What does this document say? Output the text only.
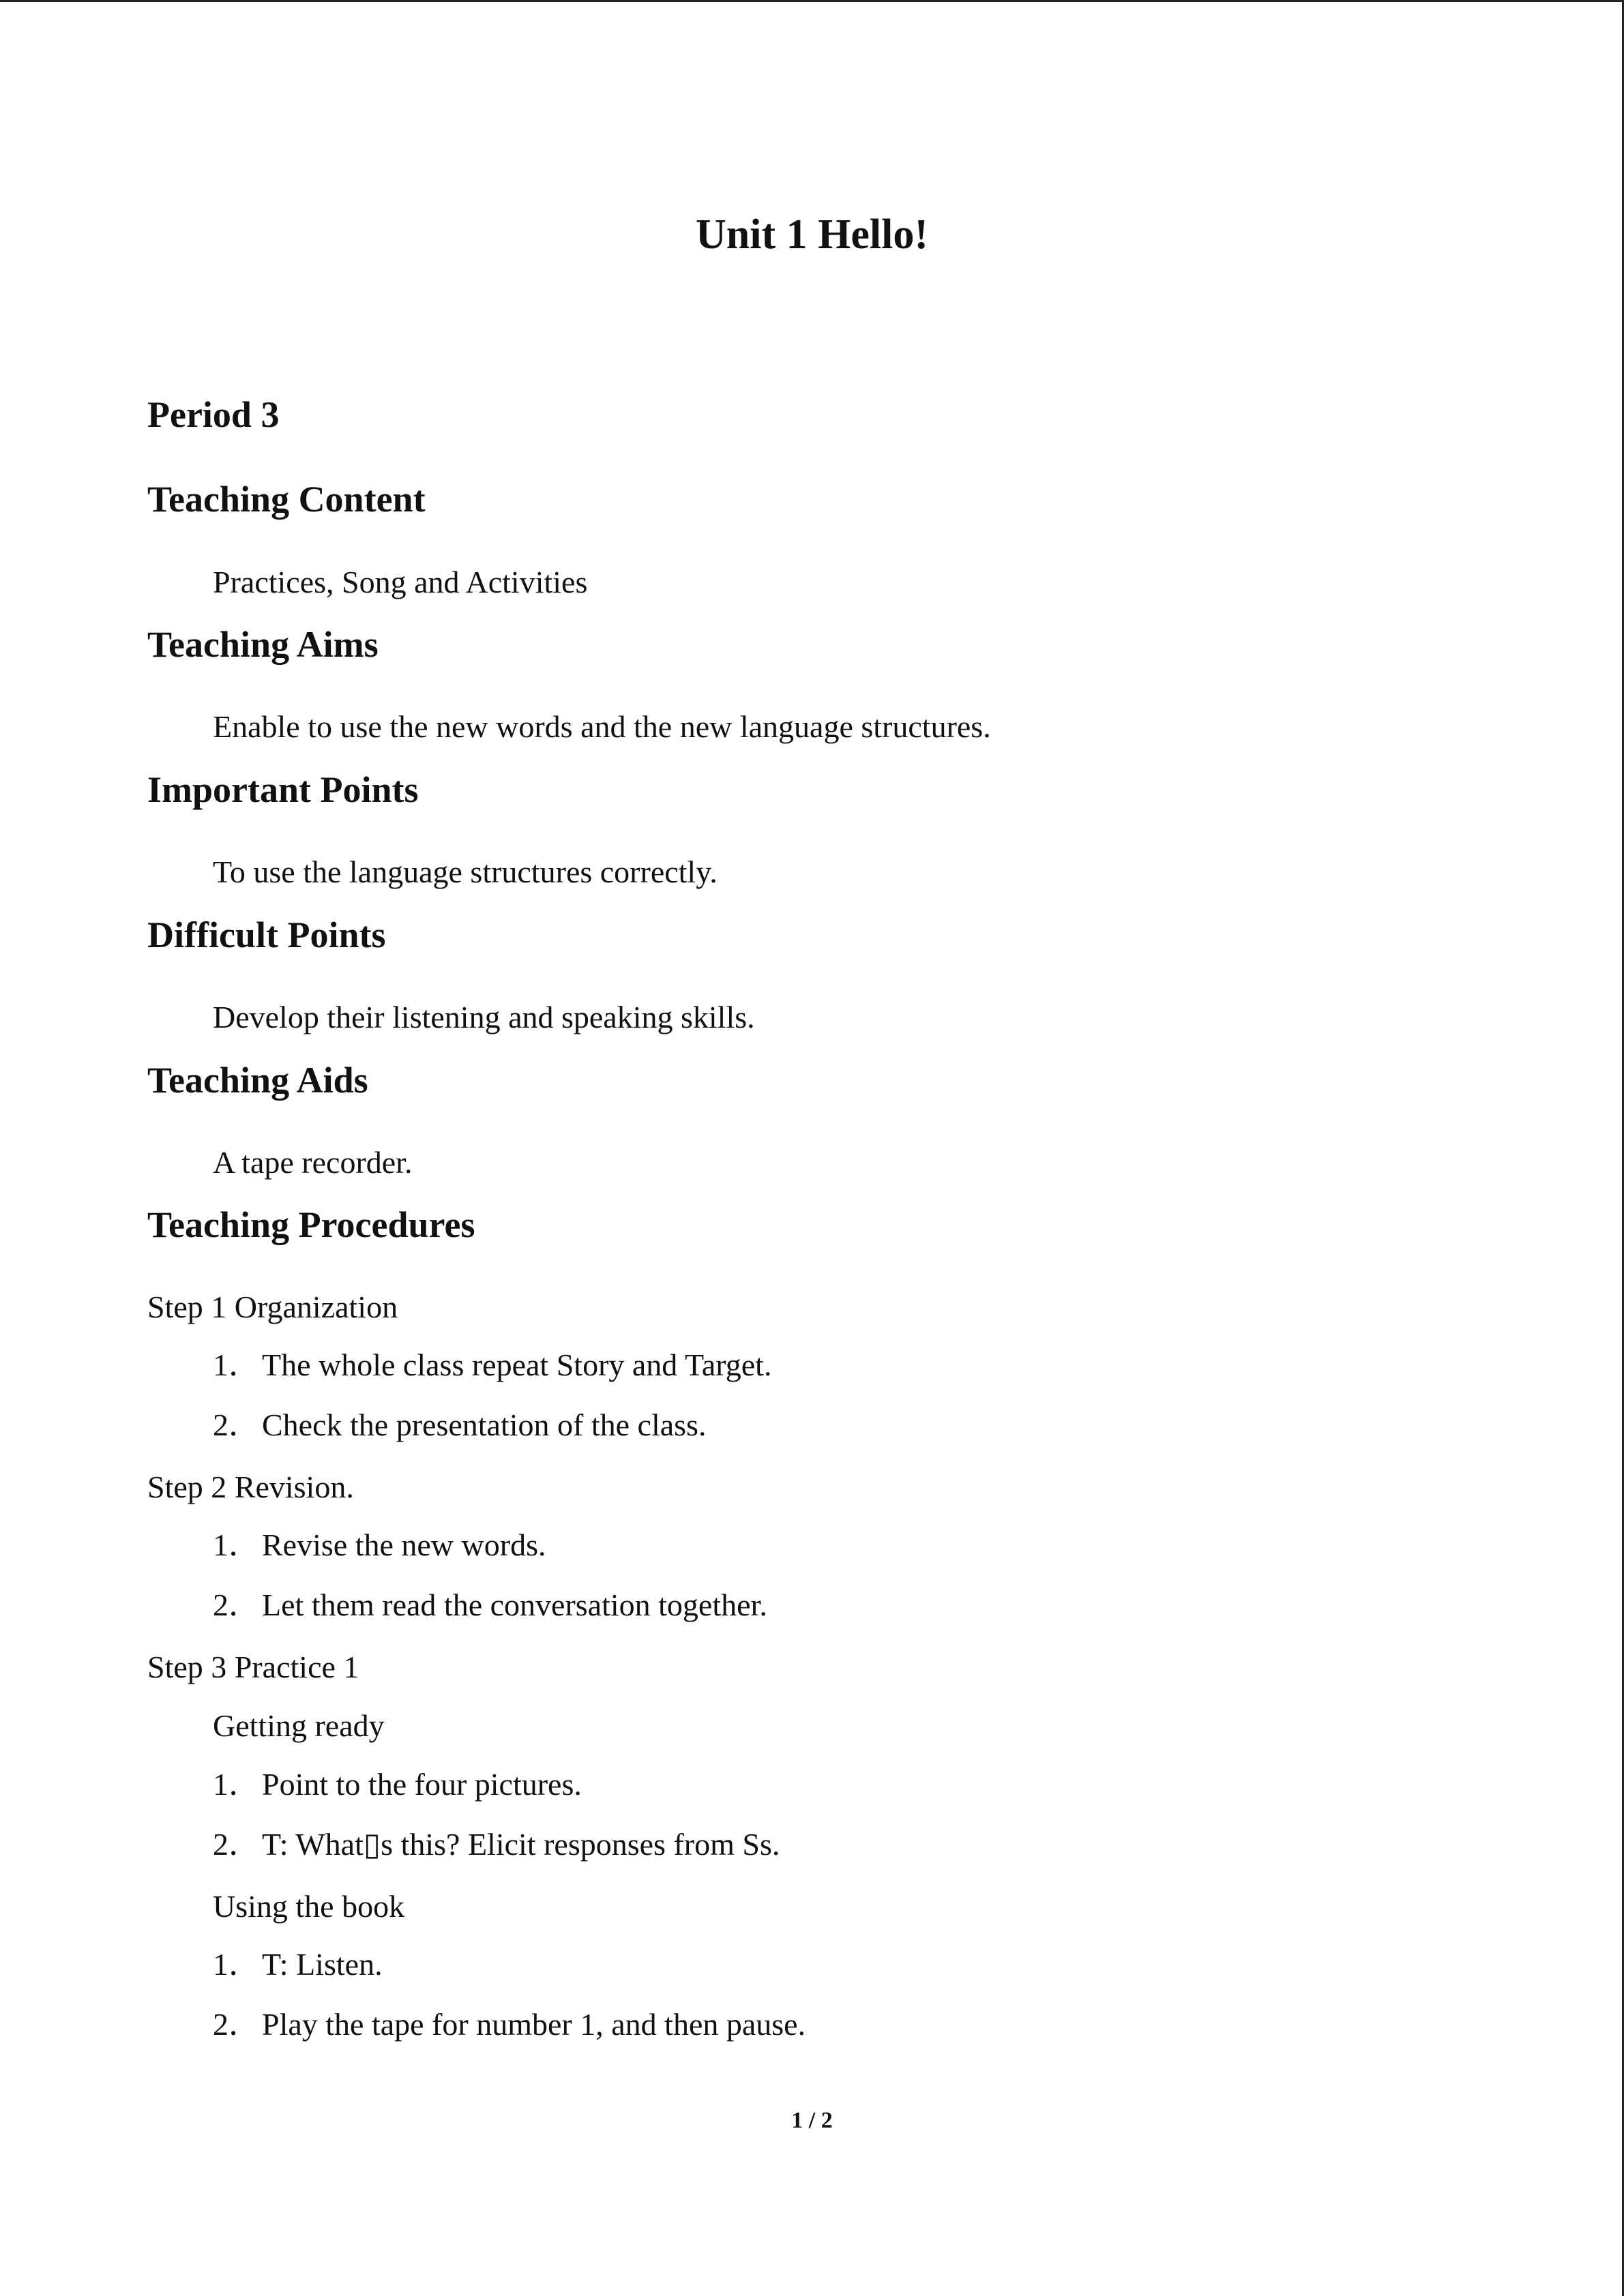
Unit 1 Hello!
Period 3
Teaching Content
Practices, Song and Activities
Teaching Aims
Enable to use the new words and the new language structures.
Important Points
To use the language structures correctly.
Difficult Points
Develop their listening and speaking skills.
Teaching Aids
A tape recorder.
Teaching Procedures
Step 1 Organization
1．The whole class repeat Story and Target.
2．Check the presentation of the class.
Step 2 Revision.
1．Revise the new words.
2．Let them read the conversation together.
Step 3 Practice 1
Getting ready
1．Point to the four pictures.
2．T: What▯s this? Elicit responses from Ss.
Using the book
1．T: Listen.
2．Play the tape for number 1, and then pause.
1 / 2
